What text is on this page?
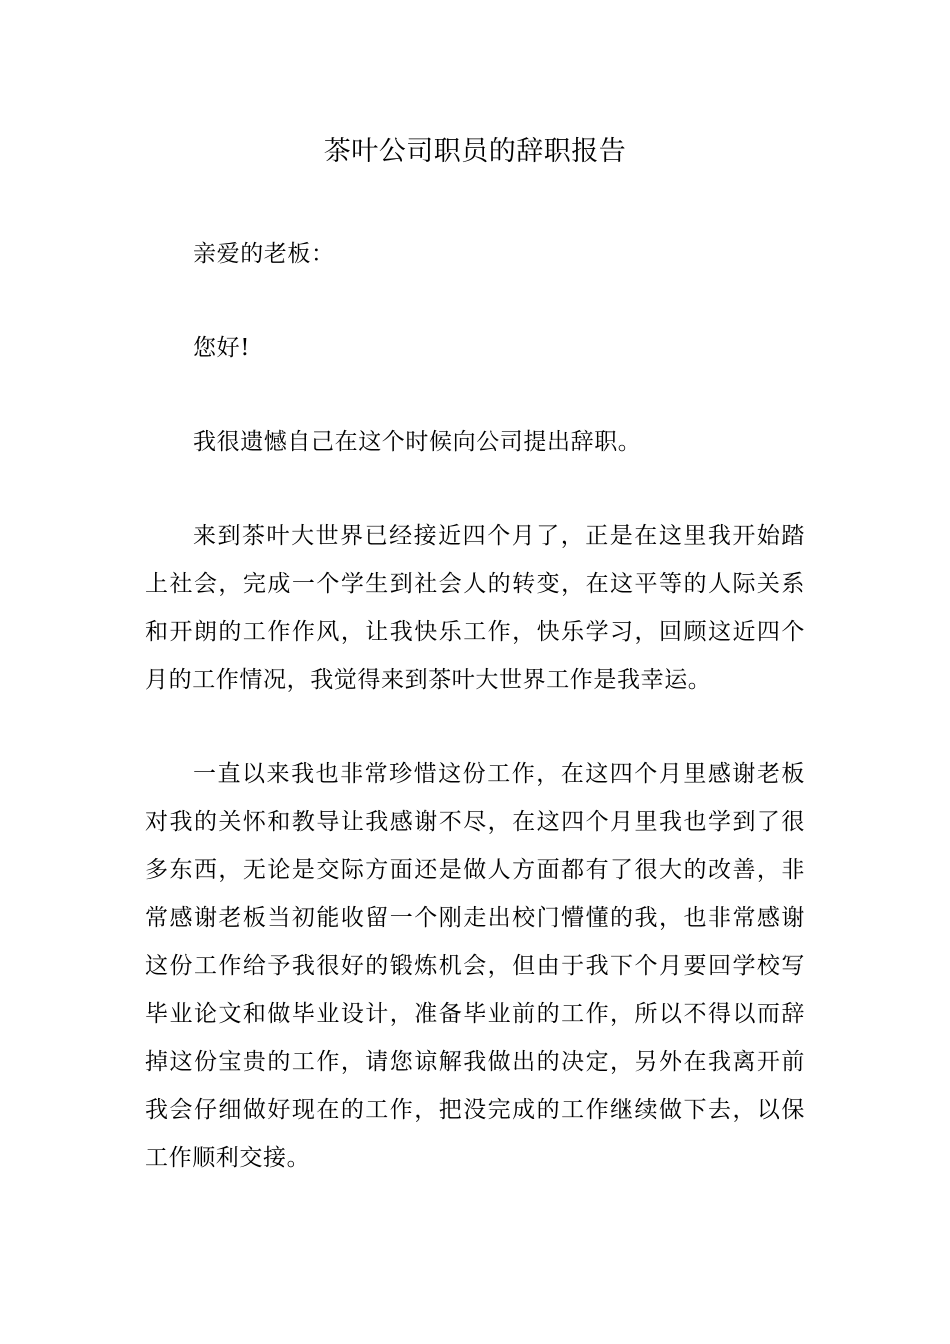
茶叶公司职员的辞职报告

亲爱的老板：

您好!

我很遗憾自己在这个时候向公司提出辞职。

来到茶叶大世界已经接近四个月了，正是在这里我开始踏上社会，完成一个学生到社会人的转变，在这平等的人际关系和开朗的工作作风，让我快乐工作，快乐学习，回顾这近四个月的工作情况，我觉得来到茶叶大世界工作是我幸运。

一直以来我也非常珍惜这份工作，在这四个月里感谢老板对我的关怀和教导让我感谢不尽，在这四个月里我也学到了很多东西，无论是交际方面还是做人方面都有了很大的改善，非常感谢老板当初能收留一个刚走出校门懵懂的我，也非常感谢这份工作给予我很好的锻炼机会，但由于我下个月要回学校写毕业论文和做毕业设计，准备毕业前的工作，所以不得以而辞掉这份宝贵的工作，请您谅解我做出的决定，另外在我离开前我会仔细做好现在的工作，把没完成的工作继续做下去，以保工作顺利交接。
